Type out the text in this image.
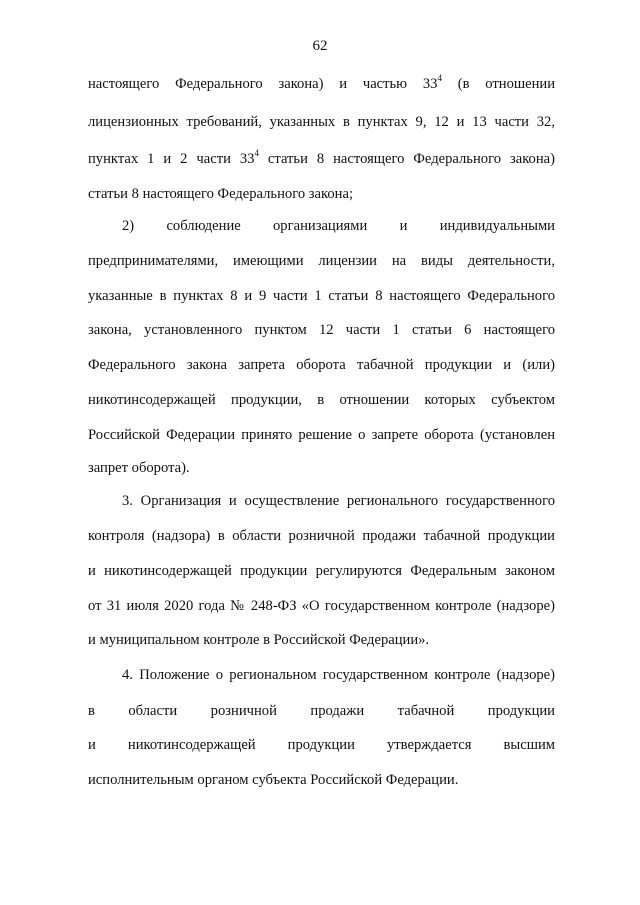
62
настоящего Федерального закона) и частью $33^4$ (в отношении
лицензионных требований, указанных в пунктах 9, 12 и 13 части 32,
пунктах 1 и 2 части $33^4$ статьи 8 настоящего Федерального закона)
статьи 8 настоящего Федерального закона;
2) соблюдение организациями и индивидуальными
предпринимателями, имеющими лицензии на виды деятельности,
указанные в пунктах 8 и 9 части 1 статьи 8 настоящего Федерального
закона, установленного пунктом 12 части 1 статьи 6 настоящего
Федерального закона запрета оборота табачной продукции и (или)
никотинсодержащей продукции, в отношении которых субъектом
Российской Федерации принято решение о запрете оборота (установлен
запрет оборота).
3. Организация и осуществление регионального государственного
контроля (надзора) в области розничной продажи табачной продукции
и никотинсодержащей продукции регулируются Федеральным законом
от 31 июля 2020 года № 248-ФЗ «О государственном контроле (надзоре)
и муниципальном контроле в Российской Федерации».
4. Положение о региональном государственном контроле (надзоре)
в области розничной продажи табачной продукции
и никотинсодержащей продукции утверждается высшим
исполнительным органом субъекта Российской Федерации.
